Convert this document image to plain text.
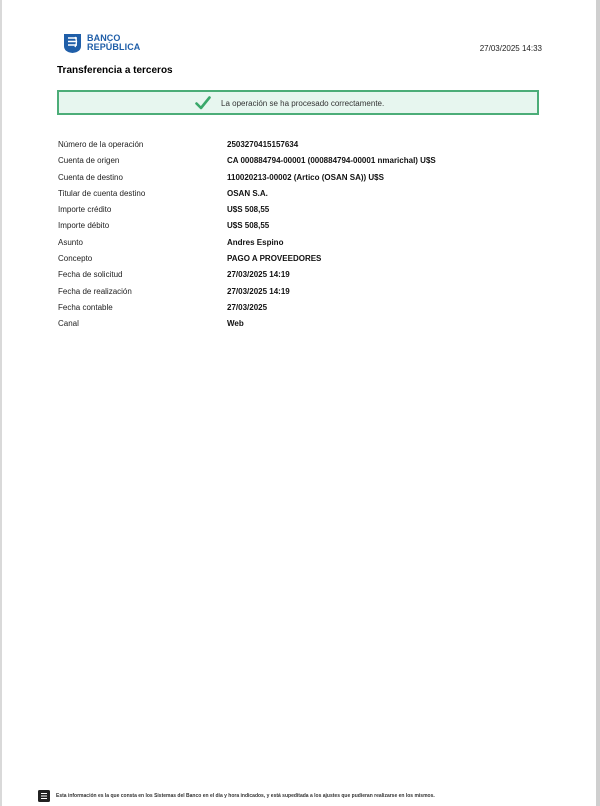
BANCO
REPÚBLICA	27/03/2025 14:33
Transferencia a terceros
La operación se ha procesado correctamente.
Número de la operación	2503270415157634
Cuenta de origen	CA 000884794-00001 (000884794-00001 nmarichal) U$S
Cuenta de destino	110020213-00002 (Artico (OSAN SA)) U$S
Titular de cuenta destino	OSAN S.A.
Importe crédito	U$S 508,55
Importe débito	U$S 508,55
Asunto	Andres Espino
Concepto	PAGO A PROVEEDORES
Fecha de solicitud	27/03/2025 14:19
Fecha de realización	27/03/2025 14:19
Fecha contable	27/03/2025
Canal	Web
Esta información es la que consta en los Sistemas del Banco en el día y hora indicados, y está supeditada a los ajustes que pudieran realizarse en los mismos.
